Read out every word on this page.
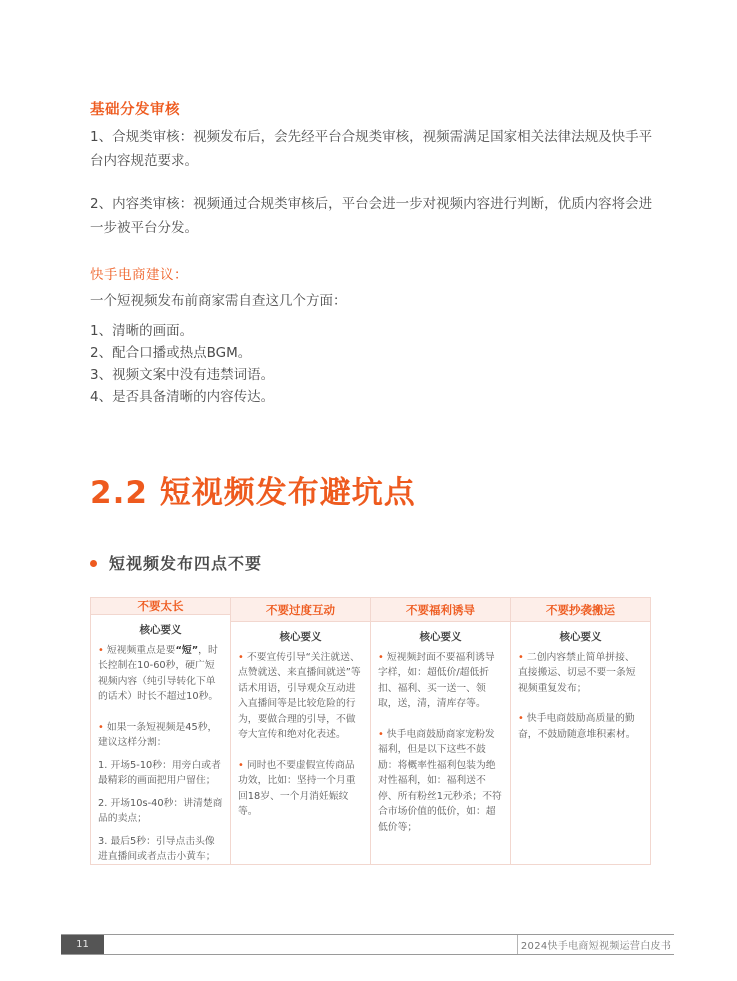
基础分发审核
1、合规类审核：视频发布后，会先经平台合规类审核，视频需满足国家相关法律法规及快手平台内容规范要求。
2、内容类审核：视频通过合规类审核后，平台会进一步对视频内容进行判断，优质内容将会进一步被平台分发。
快手电商建议：
一个短视频发布前商家需自查这几个方面：
1、清晰的画面。
2、配合口播或热点BGM。
3、视频文案中没有违禁词语。
4、是否具备清晰的内容传达。
2.2 短视频发布避坑点
短视频发布四点不要
不要太长
核心要义
• 短视频重点是要“短”，时长控制在10-60秒，硬广短视频内容（纯引导转化下单的话术）时长不超过10秒。
• 如果一条短视频是45秒，建议这样分割：
1. 开场5-10秒：用旁白或者最精彩的画面把用户留住；
2. 开场10s-40秒：讲清楚商品的卖点；
3. 最后5秒：引导点击头像进直播间或者点击小黄车；
不要过度互动
核心要义
• 不要宣传引导“关注就送、点赞就送、来直播间就送”等话术用语，引导观众互动进入直播间等是比较危险的行为，要做合理的引导，不做夸大宣传和绝对化表述。
• 同时也不要虚假宣传商品功效，比如：坚持一个月重回18岁、一个月消妊娠纹等。
不要福利诱导
核心要义
• 短视频封面不要福利诱导字样，如：超低价/超低折扣、福利、买一送一、领取，送，清，清库存等。
• 快手电商鼓励商家宠粉发福利，但是以下这些不鼓励：将概率性福利包装为绝对性福利，如：福利送不停、所有粉丝1元秒杀；不符合市场价值的低价，如：超低价等；
不要抄袭搬运
核心要义
• 二创内容禁止简单拼接、直接搬运、切忌不要一条短视频重复发布；
• 快手电商鼓励高质量的勤奋，不鼓励随意堆积素材。
11	2024快手电商短视频运营白皮书
